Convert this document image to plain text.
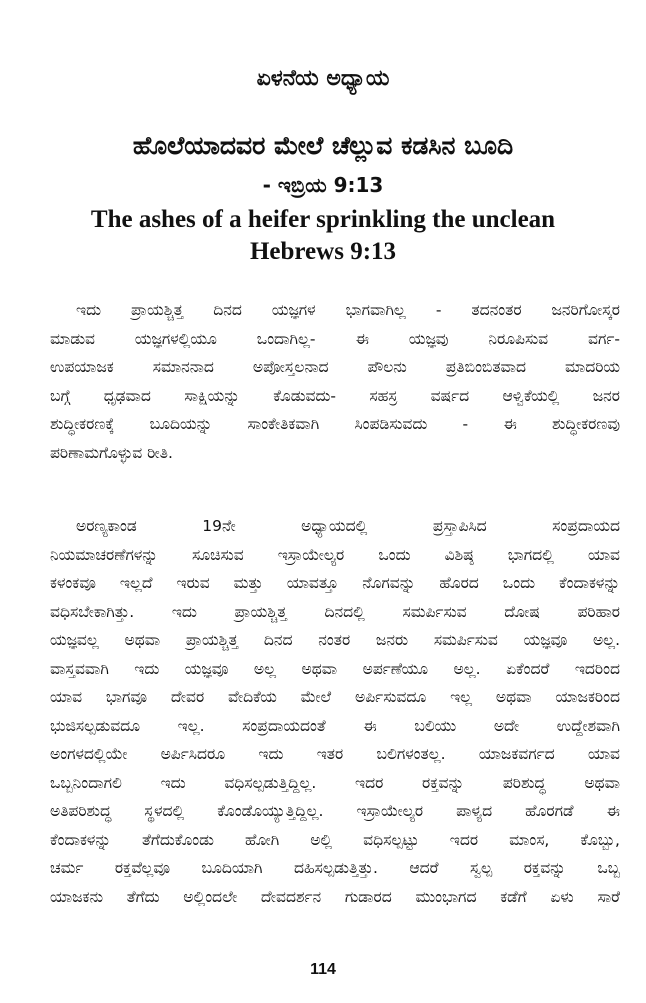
ಏಳನೆಯ ಅಧ್ಯಾಯ
ಹೊಲೆಯಾದವರ ಮೇಲೆ ಚೆಲ್ಲುವ ಕಡಸಿನ ಬೂದಿ
- ಇಬ್ರಿಯ 9:13
The ashes of a heifer sprinkling the unclean
Hebrews 9:13

ಇದು ಪ್ರಾಯಶ್ಚಿತ್ತ ದಿನದ ಯಜ್ಞಗಳ ಭಾಗವಾಗಿಲ್ಲ - ತದನಂತರ ಜನರಿಗೋಸ್ಕರ
ಮಾಡುವ ಯಜ್ಞಗಳಲ್ಲಿಯೂ ಒಂದಾಗಿಲ್ಲ- ಈ ಯಜ್ಞವು ನಿರೂಪಿಸುವ ವರ್ಗ-
ಉಪಯಾಜಕ ಸಮಾನನಾದ ಅಪೋಸ್ತಲನಾದ ಪೌಲನು ಪ್ರತಿಬಿಂಬಿತವಾದ ಮಾದರಿಯ
ಬಗ್ಗೆ ಧೃಢವಾದ ಸಾಕ್ಷಿಯನ್ನು ಕೊಡುವದು- ಸಹಸ್ರ ವರ್ಷದ ಆಳ್ವಿಕೆಯಲ್ಲಿ ಜನರ
ಶುದ್ಧೀಕರಣಕ್ಕೆ ಬೂದಿಯನ್ನು ಸಾಂಕೇತಿಕವಾಗಿ ಸಿಂಪಡಿಸುವದು - ಈ ಶುದ್ಧೀಕರಣವು
ಪರಿಣಾಮಗೊಳ್ಳುವ ರೀತಿ.

ಅರಣ್ಯಕಾಂಡ 19ನೇ ಅಧ್ಯಾಯದಲ್ಲಿ ಪ್ರಸ್ತಾಪಿಸಿದ ಸಂಪ್ರದಾಯದ
ನಿಯಮಾಚರಣೆಗಳನ್ನು ಸೂಚಿಸುವ ಇಸ್ರಾಯೇಲ್ಯರ ಒಂದು ವಿಶಿಷ್ಠ ಭಾಗದಲ್ಲಿ ಯಾವ
ಕಳಂಕವೂ ಇಲ್ಲದೆ ಇರುವ ಮತ್ತು ಯಾವತ್ತೂ ನೊಗವನ್ನು ಹೊರದ ಒಂದು ಕೆಂದಾಕಳನ್ನು
ವಧಿಸಬೇಕಾಗಿತ್ತು. ಇದು ಪ್ರಾಯಶ್ಚಿತ್ತ ದಿನದಲ್ಲಿ ಸಮರ್ಪಿಸುವ ದೋಷ ಪರಿಹಾರ
ಯಜ್ಞವಲ್ಲ ಅಥವಾ ಪ್ರಾಯಶ್ಚಿತ್ತ ದಿನದ ನಂತರ ಜನರು ಸಮರ್ಪಿಸುವ ಯಜ್ಞವೂ ಅಲ್ಲ.
ವಾಸ್ತವವಾಗಿ ಇದು ಯಜ್ಞವೂ ಅಲ್ಲ ಅಥವಾ ಅರ್ಪಣೆಯೂ ಅಲ್ಲ. ಏಕೆಂದರೆ ಇದರಿಂದ
ಯಾವ ಭಾಗವೂ ದೇವರ ವೇದಿಕೆಯ ಮೇಲೆ ಅರ್ಪಿಸುವದೂ ಇಲ್ಲ ಅಥವಾ ಯಾಜಕರಿಂದ
ಭುಜಿಸಲ್ಪಡುವದೂ ಇಲ್ಲ. ಸಂಪ್ರದಾಯದಂತೆ ಈ ಬಲಿಯು ಅದೇ ಉದ್ದೇಶವಾಗಿ
ಅಂಗಳದಲ್ಲಿಯೇ ಅರ್ಪಿಸಿದರೂ ಇದು ಇತರ ಬಲಿಗಳಂತಲ್ಲ. ಯಾಜಕವರ್ಗದ ಯಾವ
ಒಬ್ಬನಿಂದಾಗಲಿ ಇದು ವಧಿಸಲ್ಪಡುತ್ತಿದ್ದಿಲ್ಲ. ಇದರ ರಕ್ತವನ್ನು ಪರಿಶುದ್ಧ ಅಥವಾ
ಅತಿಪರಿಶುದ್ಧ ಸ್ಥಳದಲ್ಲಿ ಕೊಂಡೊಯ್ಯುತ್ತಿದ್ದಿಲ್ಲ. ಇಸ್ರಾಯೇಲ್ಯರ ಪಾಳ್ಯದ ಹೊರಗಡೆ ಈ
ಕೆಂದಾಕಳನ್ನು ತೆಗೆದುಕೊಂಡು ಹೋಗಿ ಅಲ್ಲಿ ವಧಿಸಲ್ಪಟ್ಟು ಇದರ ಮಾಂಸ, ಕೊಬ್ಬು,
ಚರ್ಮ ರಕ್ತವೆಲ್ಲವೂ ಬೂದಿಯಾಗಿ ದಹಿಸಲ್ಪಡುತ್ತಿತ್ತು. ಆದರೆ ಸ್ವಲ್ಪ ರಕ್ತವನ್ನು ಒಬ್ಬ
ಯಾಜಕನು ತೆಗೆದು ಅಲ್ಲಿಂದಲೇ ದೇವದರ್ಶನ ಗುಡಾರದ ಮುಂಭಾಗದ ಕಡೆಗೆ ಏಳು ಸಾರೆ

114
